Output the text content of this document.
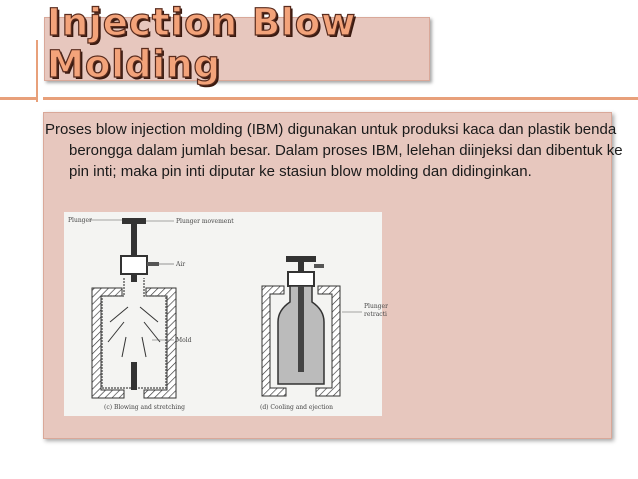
Injection Blow
Molding

Proses blow injection molding (IBM) digunakan untuk produksi kaca dan plastik benda berongga dalam jumlah besar. Dalam proses IBM, lelehan diinjeksi dan dibentuk ke pin inti; maka pin inti diputar ke stasiun blow molding dan didinginkan.

Plunger	Plunger movement
Air
Mold
(c) Blowing and stretching
Plunger
retracti
(d) Cooling and ejection
